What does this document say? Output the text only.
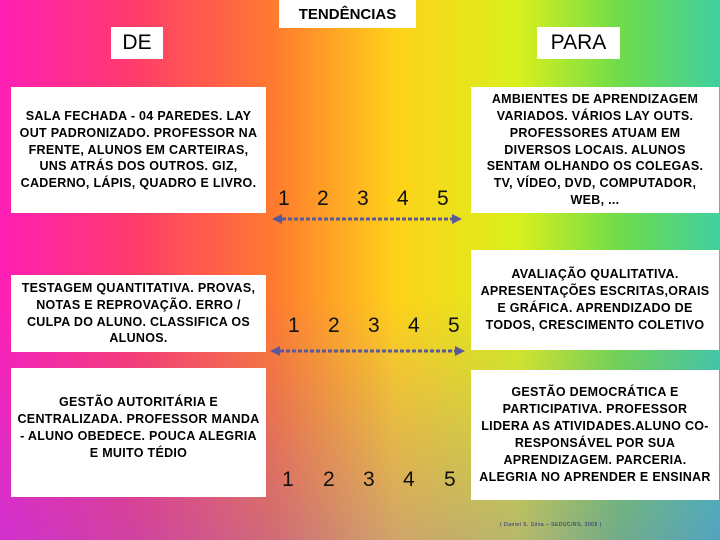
TENDÊNCIAS
DE	PARA
SALA FECHADA - 04 PAREDES. LAY OUT PADRONIZADO. PROFESSOR NA FRENTE, ALUNOS EM CARTEIRAS, UNS ATRÁS DOS OUTROS. GIZ, CADERNO, LÁPIS, QUADRO E LIVRO.
TESTAGEM QUANTITATIVA. PROVAS, NOTAS E REPROVAÇÃO. ERRO / CULPA DO ALUNO. CLASSIFICA OS ALUNOS.
GESTÃO AUTORITÁRIA E CENTRALIZADA. PROFESSOR MANDA - ALUNO OBEDECE. POUCA ALEGRIA E MUITO TÉDIO
AMBIENTES DE APRENDIZAGEM VARIADOS. VÁRIOS LAY OUTS. PROFESSORES ATUAM EM DIVERSOS LOCAIS. ALUNOS SENTAM OLHANDO OS COLEGAS. TV, VÍDEO, DVD, COMPUTADOR, WEB, ...
AVALIAÇÃO QUALITATIVA. APRESENTAÇÕES ESCRITAS,ORAIS E GRÁFICA. APRENDIZADO DE TODOS, CRESCIMENTO COLETIVO
GESTÃO DEMOCRÁTICA E PARTICIPATIVA. PROFESSOR LIDERA AS ATIVIDADES.ALUNO CO-RESPONSÁVEL POR SUA APRENDIZAGEM. PARCERIA. ALEGRIA NO APRENDER E ENSINAR
1 2 3 4 5
1 2 3 4 5
1 2 3 4 5
( Daniel S. Silva – SEDUC/RS, 2006 )
